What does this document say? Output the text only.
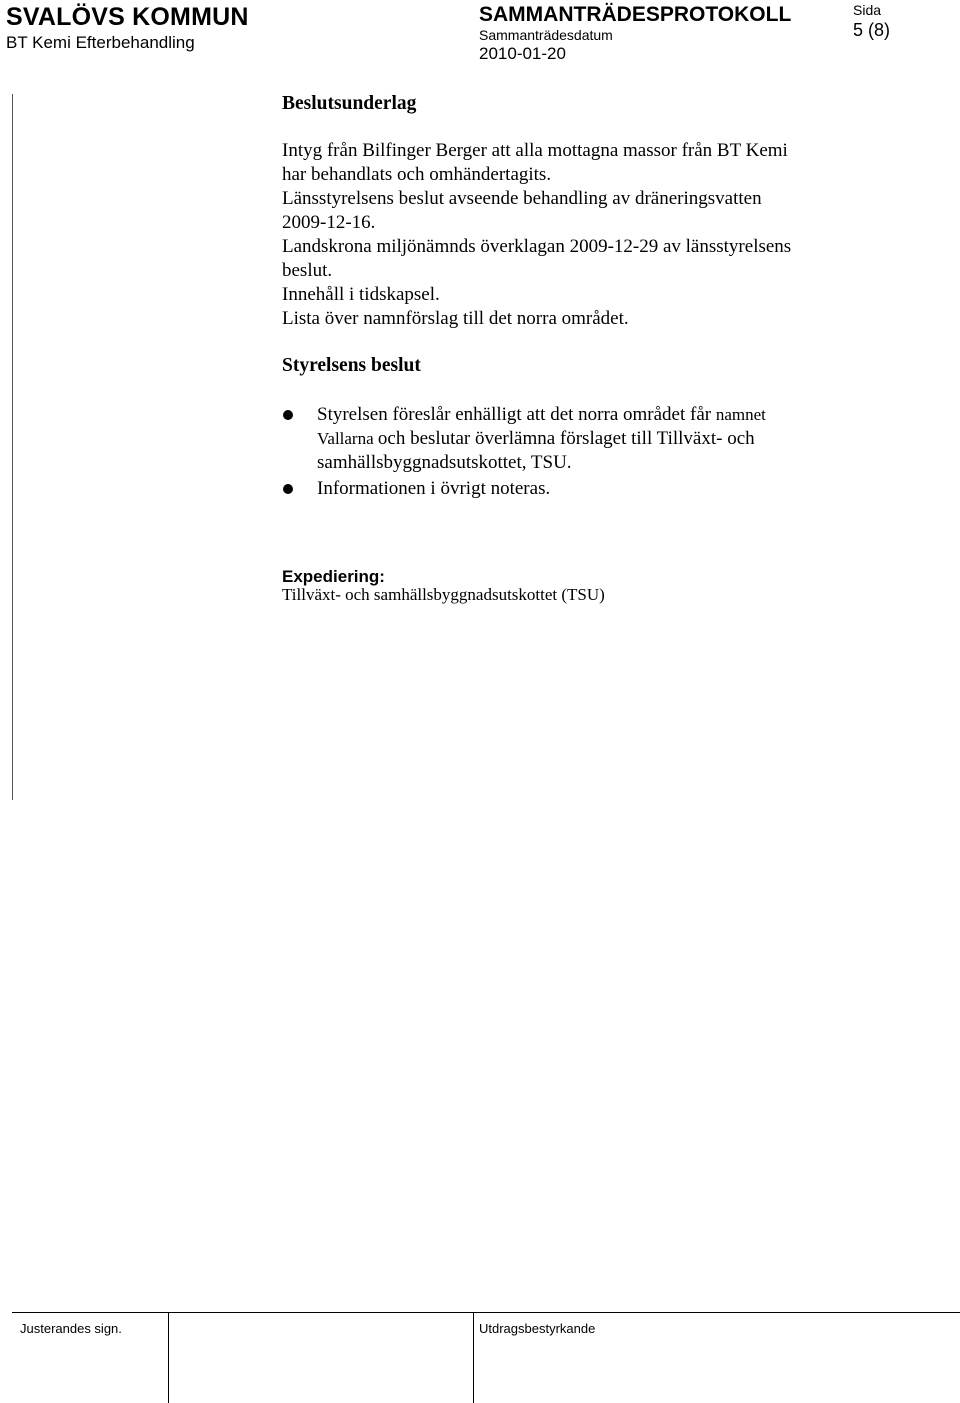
SVALÖVS KOMMUN
BT Kemi Efterbehandling
SAMMANTRÄDESPROTOKOLL
Sammanträdesdatum
2010-01-20
Sida
5 (8)
Beslutsunderlag
Intyg från Bilfinger Berger att alla mottagna massor från BT Kemi
har behandlats och omhändertagits.
Länsstyrelsens beslut avseende behandling av dräneringsvatten
2009-12-16.
Landskrona miljönämnds överklagan 2009-12-29 av länsstyrelsens
beslut.
Innehåll i tidskapsel.
Lista över namnförslag till det norra området.
Styrelsens beslut
Styrelsen föreslår enhälligt att det norra området får namnet
Vallarna och beslutar överlämna förslaget till Tillväxt- och
samhällsbyggnadsutskottet, TSU.
Informationen i övrigt noteras.
Expediering:
Tillväxt- och samhällsbyggnadsutskottet (TSU)
Justerandes sign.	Utdragsbestyrkande
